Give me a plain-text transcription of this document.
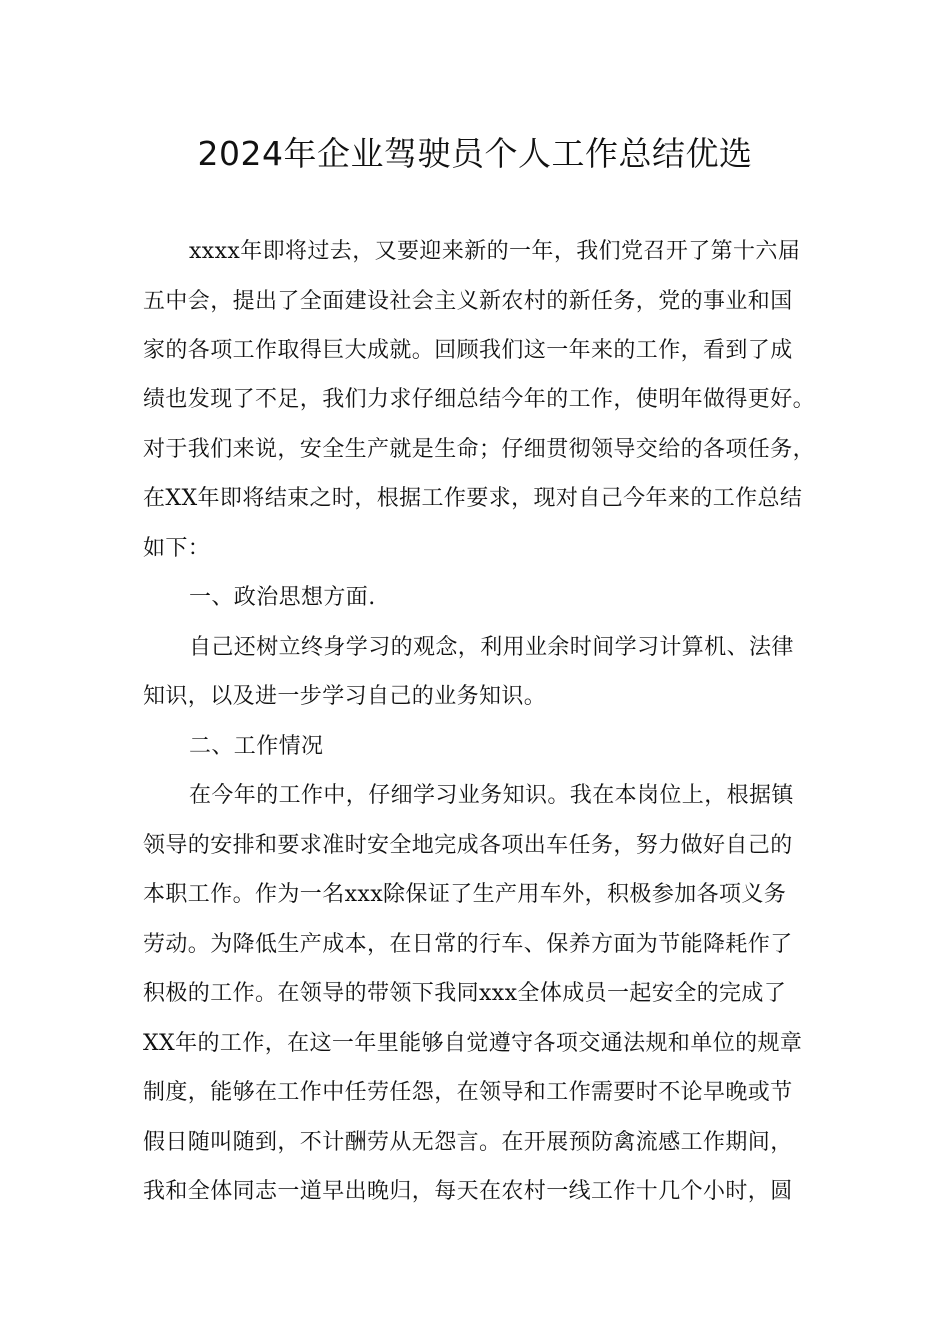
2024年企业驾驶员个人工作总结优选
xxxx年即将过去，又要迎来新的一年，我们党召开了第十六届
五中会，提出了全面建设社会主义新农村的新任务，党的事业和国
家的各项工作取得巨大成就。回顾我们这一年来的工作，看到了成
绩也发现了不足，我们力求仔细总结今年的工作，使明年做得更好。
对于我们来说，安全生产就是生命；仔细贯彻领导交给的各项任务，
在XX年即将结束之时，根据工作要求，现对自己今年来的工作总结
如下：
一、政治思想方面.
自己还树立终身学习的观念，利用业余时间学习计算机、法律
知识，以及进一步学习自己的业务知识。
二、工作情况
在今年的工作中，仔细学习业务知识。我在本岗位上，根据镇
领导的安排和要求准时安全地完成各项出车任务，努力做好自己的
本职工作。作为一名xxx除保证了生产用车外，积极参加各项义务
劳动。为降低生产成本，在日常的行车、保养方面为节能降耗作了
积极的工作。在领导的带领下我同xxx全体成员一起安全的完成了
XX年的工作，在这一年里能够自觉遵守各项交通法规和单位的规章
制度，能够在工作中任劳任怨，在领导和工作需要时不论早晚或节
假日随叫随到，不计酬劳从无怨言。在开展预防禽流感工作期间，
我和全体同志一道早出晚归，每天在农村一线工作十几个小时，圆
